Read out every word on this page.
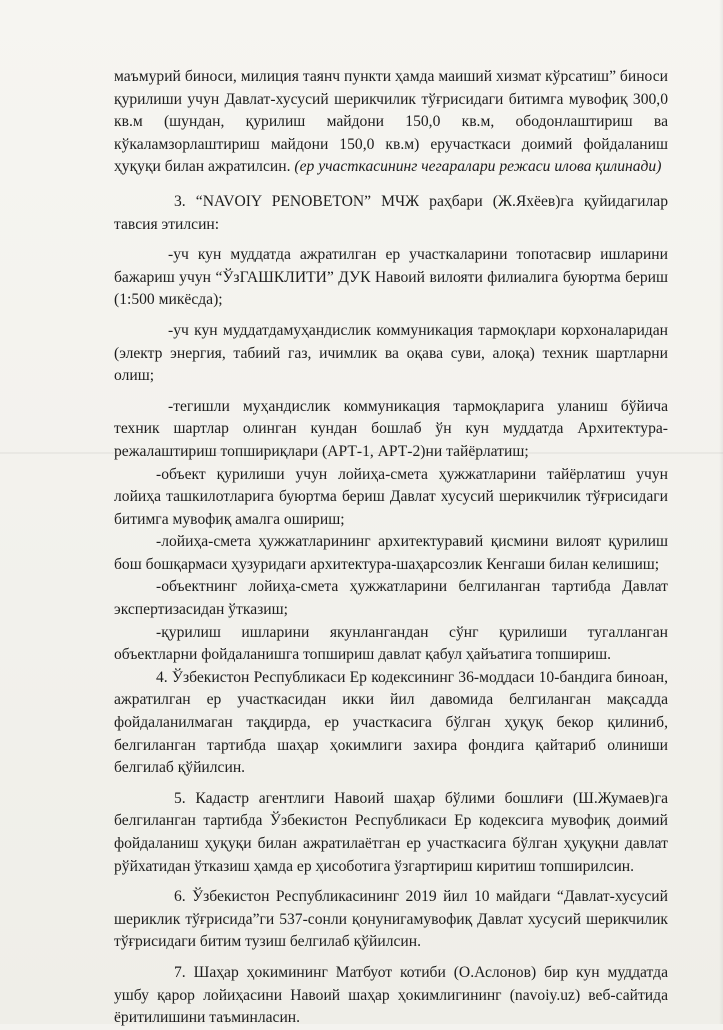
маъмурий биноси, милиция таянч пункти ҳамда маиший хизмат кўрсатиш” биноси қурилиши учун Давлат-хусусий шерикчилик тўғрисидаги битимга мувофиқ 300,0 кв.м (шундан, қурилиш майдони 150,0 кв.м, ободонлаштириш ва кўкаламзорлаштириш майдони 150,0 кв.м) еручасткаси доимий фойдаланиш ҳуқуқи билан ажратилсин. (ер участкасининг чегаралари режаси илова қилинади)

3. “NAVOIY PENOBETON” МЧЖ раҳбари (Ж.Яхёев)га қуйидагилар тавсия этилсин:

-уч кун муддатда ажратилган ер участкаларини топотасвир ишларини бажариш учун “ЎзГАШКЛИТИ” ДУК Навоий вилояти филиалига буюртма бериш (1:500 микёсда);

-уч кун муддатдамуҳандислик коммуникация тармоқлари корхоналаридан (электр энергия, табиий газ, ичимлик ва оқава суви, алоқа) техник шартларни олиш;

-тегишли муҳандислик коммуникация тармоқларига уланиш бўйича техник шартлар олинган кундан бошлаб ўн кун муддатда Архитектура-режалаштириш топшириқлари (АРТ-1, АРТ-2)ни тайёрлатиш;

-объект қурилиши учун лойиҳа-смета ҳужжатларини тайёрлатиш учун лойиҳа ташкилотларига буюртма бериш Давлат хусусий шерикчилик тўғрисидаги битимга мувофиқ амалга ошириш;

-лойиҳа-смета ҳужжатларининг архитектуравий қисмини вилоят қурилиш бош бошқармаси ҳузуридаги архитектура-шаҳарсозлик Кенгаши билан келишиш;

-объектнинг лойиҳа-смета ҳужжатларини белгиланган тартибда Давлат экспертизасидан ўтказиш;

-қурилиш ишларини якунлангандан сўнг қурилиши тугалланган объектларни фойдаланишга топшириш давлат қабул ҳайъатига топшириш.

4. Ўзбекистон Республикаси Ер кодексининг 36-моддаси 10-бандига биноан, ажратилган ер участкасидан икки йил давомида белгиланган мақсадда фойдаланилмаган тақдирда, ер участкасига бўлган ҳуқуқ бекор қилиниб, белгиланган тартибда шаҳар ҳокимлиги захира фондига қайтариб олиниши белгилаб қўйилсин.

5. Кадастр агентлиги Навоий шаҳар бўлими бошлиғи (Ш.Жумаев)га белгиланган тартибда Ўзбекистон Республикаси Ер кодексига мувофиқ доимий фойдаланиш ҳуқуқи билан ажратилаётган ер участкасига бўлган ҳуқуқни давлат рўйхатидан ўтказиш ҳамда ер ҳисоботига ўзгартириш киритиш топширилсин.

6. Ўзбекистон Республикасининг 2019 йил 10 майдаги “Давлат-хусусий шериклик тўғрисида”ги 537-сонли қонунигамувофиқ Давлат хусусий шерикчилик тўғрисидаги битим тузиш белгилаб қўйилсин.

7. Шаҳар ҳокимининг Матбуот котиби (О.Аслонов) бир кун муддатда ушбу қарор лойиҳасини Навоий шаҳар ҳокимлигининг (navoiy.uz) веб-сайтида ёритилишини таъминласин.
